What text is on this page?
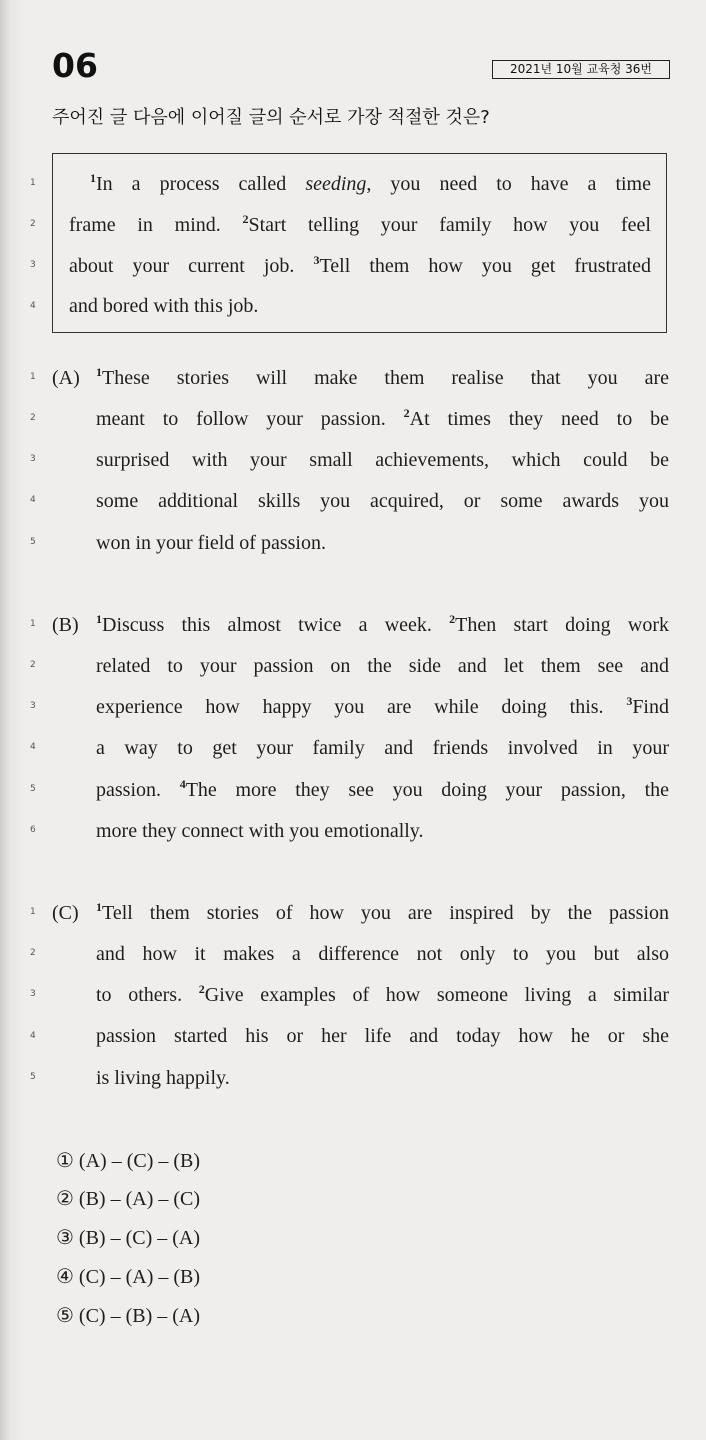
06	2021년 10월 교육청 36번
주어진 글 다음에 이어질 글의 순서로 가장 적절한 것은?
1
2
3
4
$^1$In a process called seeding, you need to have a time
frame in mind. $^2$Start telling your family how you feel
about your current job. $^3$Tell them how you get frustrated
and bored with this job.
(A)
1
2
3
4
5
$^1$These stories will make them realise that you are
meant to follow your passion. $^2$At times they need to be
surprised with your small achievements, which could be
some additional skills you acquired, or some awards you
won in your field of passion.
(B)
1
2
3
4
5
6
$^1$Discuss this almost twice a week. $^2$Then start doing work
related to your passion on the side and let them see and
experience how happy you are while doing this. $^3$Find
a way to get your family and friends involved in your
passion. $^4$The more they see you doing your passion, the
more they connect with you emotionally.
(C)
1
2
3
4
5
$^1$Tell them stories of how you are inspired by the passion
and how it makes a difference not only to you but also
to others. $^2$Give examples of how someone living a similar
passion started his or her life and today how he or she
is living happily.
① (A) – (C) – (B)
② (B) – (A) – (C)
③ (B) – (C) – (A)
④ (C) – (A) – (B)
⑤ (C) – (B) – (A)
